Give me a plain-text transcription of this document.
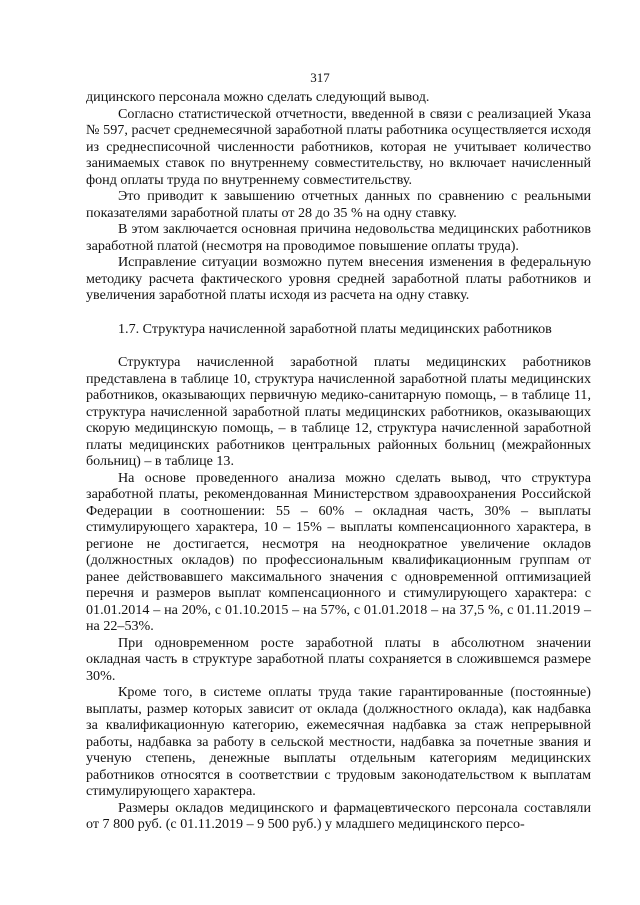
317

дицинского персонала можно сделать следующий вывод.

Согласно статистической отчетности, введенной в связи с реализацией Указа № 597, расчет среднемесячной заработной платы работника осуществляется исходя из среднесписочной численности работников, которая не учитывает количество занимаемых ставок по внутреннему совместительству, но включает начисленный фонд оплаты труда по внутреннему совместительству.

Это приводит к завышению отчетных данных по сравнению с реальными показателями заработной платы от 28 до 35 % на одну ставку.

В этом заключается основная причина недовольства медицинских работников заработной платой (несмотря на проводимое повышение оплаты труда).

Исправление ситуации возможно путем внесения изменения в федеральную методику расчета фактического уровня средней заработной платы работников и увеличения заработной платы исходя из расчета на одну ставку.

1.7. Структура начисленной заработной платы медицинских работников

Структура начисленной заработной платы медицинских работников представлена в таблице 10, структура начисленной заработной платы медицинских работников, оказывающих первичную медико-санитарную помощь, – в таблице 11, структура начисленной заработной платы медицинских работников, оказывающих скорую медицинскую помощь, – в таблице 12, структура начисленной заработной платы медицинских работников центральных районных больниц (межрайонных больниц) – в таблице 13.

На основе проведенного анализа можно сделать вывод, что структура заработной платы, рекомендованная Министерством здравоохранения Российской Федерации в соотношении: 55 – 60% – окладная часть, 30% – выплаты стимулирующего характера, 10 – 15% – выплаты компенсационного характера, в регионе не достигается, несмотря на неоднократное увеличение окладов (должностных окладов) по профессиональным квалификационным группам от ранее действовавшего максимального значения с одновременной оптимизацией перечня и размеров выплат компенсационного и стимулирующего характера: с 01.01.2014 – на 20%, с 01.10.2015 – на 57%, с 01.01.2018 – на 37,5 %, с 01.11.2019 – на 22–53%.

При одновременном росте заработной платы в абсолютном значении окладная часть в структуре заработной платы сохраняется в сложившемся размере 30%.

Кроме того, в системе оплаты труда такие гарантированные (постоянные) выплаты, размер которых зависит от оклада (должностного оклада), как надбавка за квалификационную категорию, ежемесячная надбавка за стаж непрерывной работы, надбавка за работу в сельской местности, надбавка за почетные звания и ученую степень, денежные выплаты отдельным категориям медицинских работников относятся в соответствии с трудовым законодательством к выплатам стимулирующего характера.

Размеры окладов медицинского и фармацевтического персонала составляли от 7 800 руб. (с 01.11.2019 – 9 500 руб.) у младшего медицинского персо-
